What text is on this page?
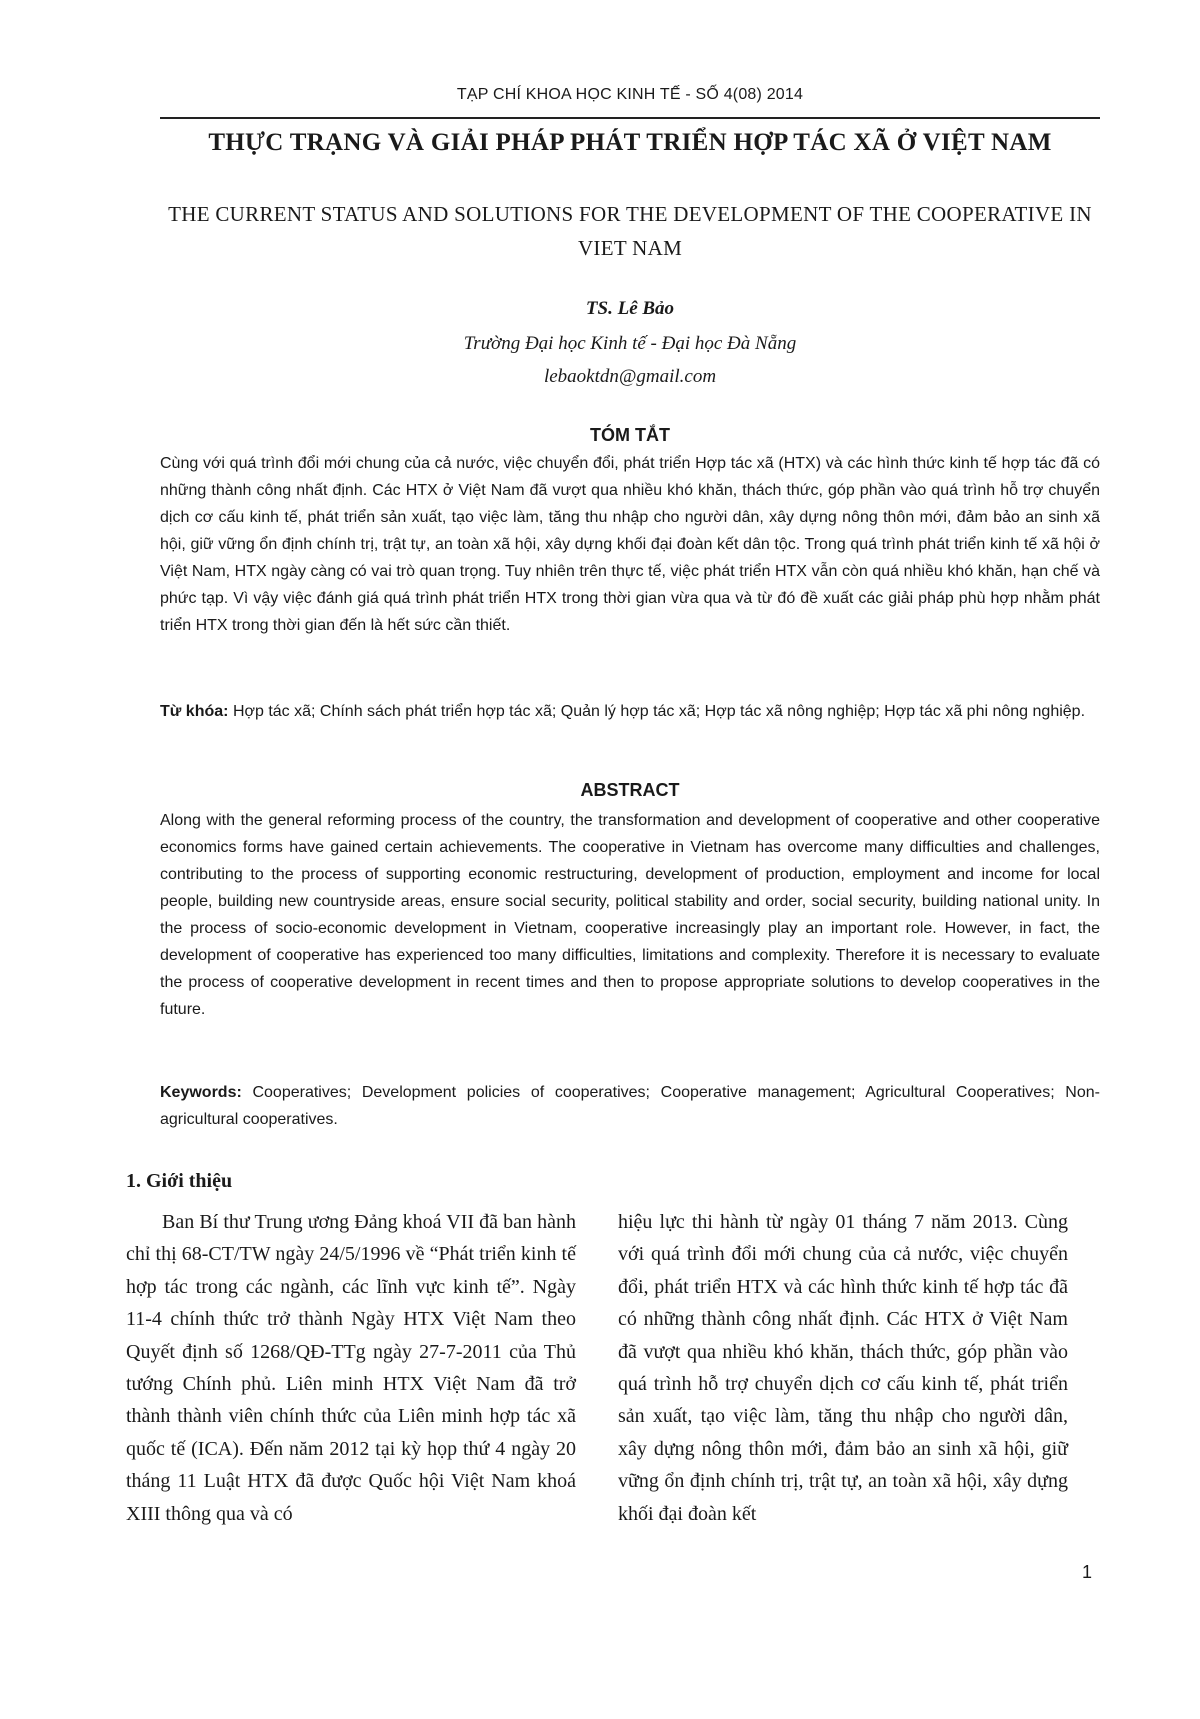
TẠP CHÍ KHOA HỌC KINH TẾ - SỐ 4(08) 2014
THỰC TRẠNG VÀ GIẢI PHÁP PHÁT TRIỂN HỢP TÁC XÃ Ở VIỆT NAM
THE CURRENT STATUS AND SOLUTIONS FOR THE DEVELOPMENT OF THE COOPERATIVE IN VIET NAM
TS. Lê Bảo
Trường Đại học Kinh tế - Đại học Đà Nẵng
lebaoktdn@gmail.com
TÓM TẮT

Cùng với quá trình đổi mới chung của cả nước, việc chuyển đổi, phát triển Hợp tác xã (HTX) và các hình thức kinh tế hợp tác đã có những thành công nhất định. Các HTX ở Việt Nam đã vượt qua nhiều khó khăn, thách thức, góp phần vào quá trình hỗ trợ chuyển dịch cơ cấu kinh tế, phát triển sản xuất, tạo việc làm, tăng thu nhập cho người dân, xây dựng nông thôn mới, đảm bảo an sinh xã hội, giữ vững ổn định chính trị, trật tự, an toàn xã hội, xây dựng khối đại đoàn kết dân tộc. Trong quá trình phát triển kinh tế xã hội ở Việt Nam, HTX ngày càng có vai trò quan trọng. Tuy nhiên trên thực tế, việc phát triển HTX vẫn còn quá nhiều khó khăn, hạn chế và phức tạp. Vì vậy việc đánh giá quá trình phát triển HTX trong thời gian vừa qua và từ đó đề xuất các giải pháp phù hợp nhằm phát triển HTX trong thời gian đến là hết sức cần thiết.

Từ khóa: Hợp tác xã; Chính sách phát triển hợp tác xã; Quản lý hợp tác xã; Hợp tác xã nông nghiệp; Hợp tác xã phi nông nghiệp.

ABSTRACT

Along with the general reforming process of the country, the transformation and development of cooperative and other cooperative economics forms have gained certain achievements. The cooperative in Vietnam has overcome many difficulties and challenges, contributing to the process of supporting economic restructuring, development of production, employment and income for local people, building new countryside areas, ensure social security, political stability and order, social security, building national unity. In the process of socio-economic development in Vietnam, cooperative increasingly play an important role. However, in fact, the development of cooperative has experienced too many difficulties, limitations and complexity. Therefore it is necessary to evaluate the process of cooperative development in recent times and then to propose appropriate solutions to develop cooperatives in the future.

Keywords: Cooperatives; Development policies of cooperatives; Cooperative management; Agricultural Cooperatives; Non-agricultural cooperatives.

1. Giới thiệu

Ban Bí thư Trung ương Đảng khoá VII đã ban hành chỉ thị 68-CT/TW ngày 24/5/1996 về “Phát triển kinh tế hợp tác trong các ngành, các lĩnh vực kinh tế”. Ngày 11-4 chính thức trở thành Ngày HTX Việt Nam theo Quyết định số 1268/QĐ-TTg ngày 27-7-2011 của Thủ tướng Chính phủ. Liên minh HTX Việt Nam đã trở thành thành viên chính thức của Liên minh hợp tác xã quốc tế (ICA). Đến năm 2012 tại kỳ họp thứ 4 ngày 20 tháng 11 Luật HTX đã được Quốc hội Việt Nam khoá XIII thông qua và có

hiệu lực thi hành từ ngày 01 tháng 7 năm 2013. Cùng với quá trình đổi mới chung của cả nước, việc chuyển đổi, phát triển HTX và các hình thức kinh tế hợp tác đã có những thành công nhất định. Các HTX ở Việt Nam đã vượt qua nhiều khó khăn, thách thức, góp phần vào quá trình hỗ trợ chuyển dịch cơ cấu kinh tế, phát triển sản xuất, tạo việc làm, tăng thu nhập cho người dân, xây dựng nông thôn mới, đảm bảo an sinh xã hội, giữ vững ổn định chính trị, trật tự, an toàn xã hội, xây dựng khối đại đoàn kết

1
